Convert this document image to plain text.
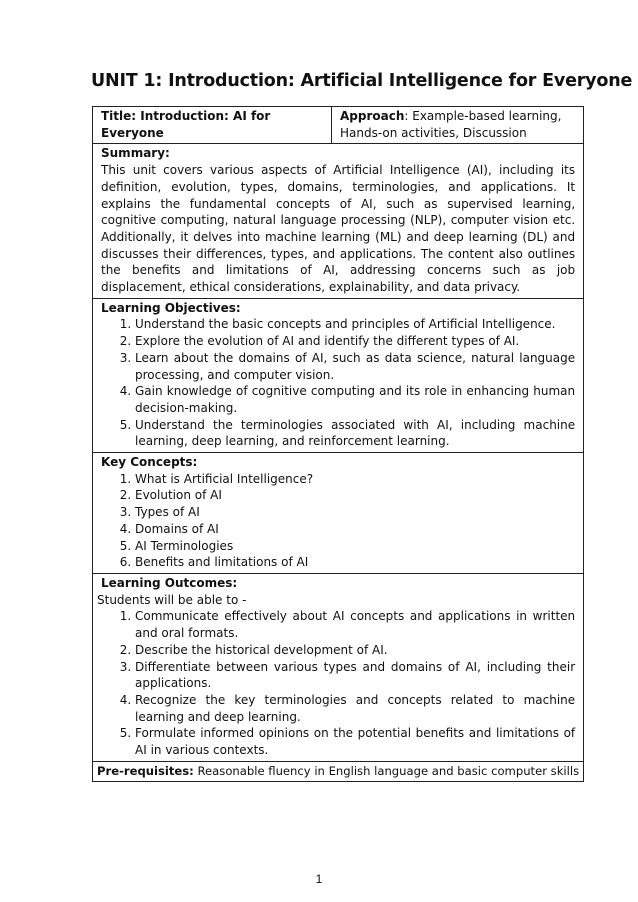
UNIT 1: Introduction: Artificial Intelligence for Everyone
Title: Introduction: AI for Everyone	Approach: Example-based learning, Hands-on activities, Discussion

Summary:
This unit covers various aspects of Artificial Intelligence (AI), including its definition, evolution, types, domains, terminologies, and applications. It explains the fundamental concepts of AI, such as supervised learning, cognitive computing, natural language processing (NLP), computer vision etc. Additionally, it delves into machine learning (ML) and deep learning (DL) and discusses their differences, types, and applications. The content also outlines the benefits and limitations of AI, addressing concerns such as job displacement, ethical considerations, explainability, and data privacy.

Learning Objectives:
1. Understand the basic concepts and principles of Artificial Intelligence.
2. Explore the evolution of AI and identify the different types of AI.
3. Learn about the domains of AI, such as data science, natural language processing, and computer vision.
4. Gain knowledge of cognitive computing and its role in enhancing human decision-making.
5. Understand the terminologies associated with AI, including machine learning, deep learning, and reinforcement learning.

Key Concepts:
1. What is Artificial Intelligence?
2. Evolution of AI
3. Types of AI
4. Domains of AI
5. AI Terminologies
6. Benefits and limitations of AI

Learning Outcomes:
Students will be able to -
1. Communicate effectively about AI concepts and applications in written and oral formats.
2. Describe the historical development of AI.
3. Differentiate between various types and domains of AI, including their applications.
4. Recognize the key terminologies and concepts related to machine learning and deep learning.
5. Formulate informed opinions on the potential benefits and limitations of AI in various contexts.

Pre-requisites: Reasonable fluency in English language and basic computer skills
1
